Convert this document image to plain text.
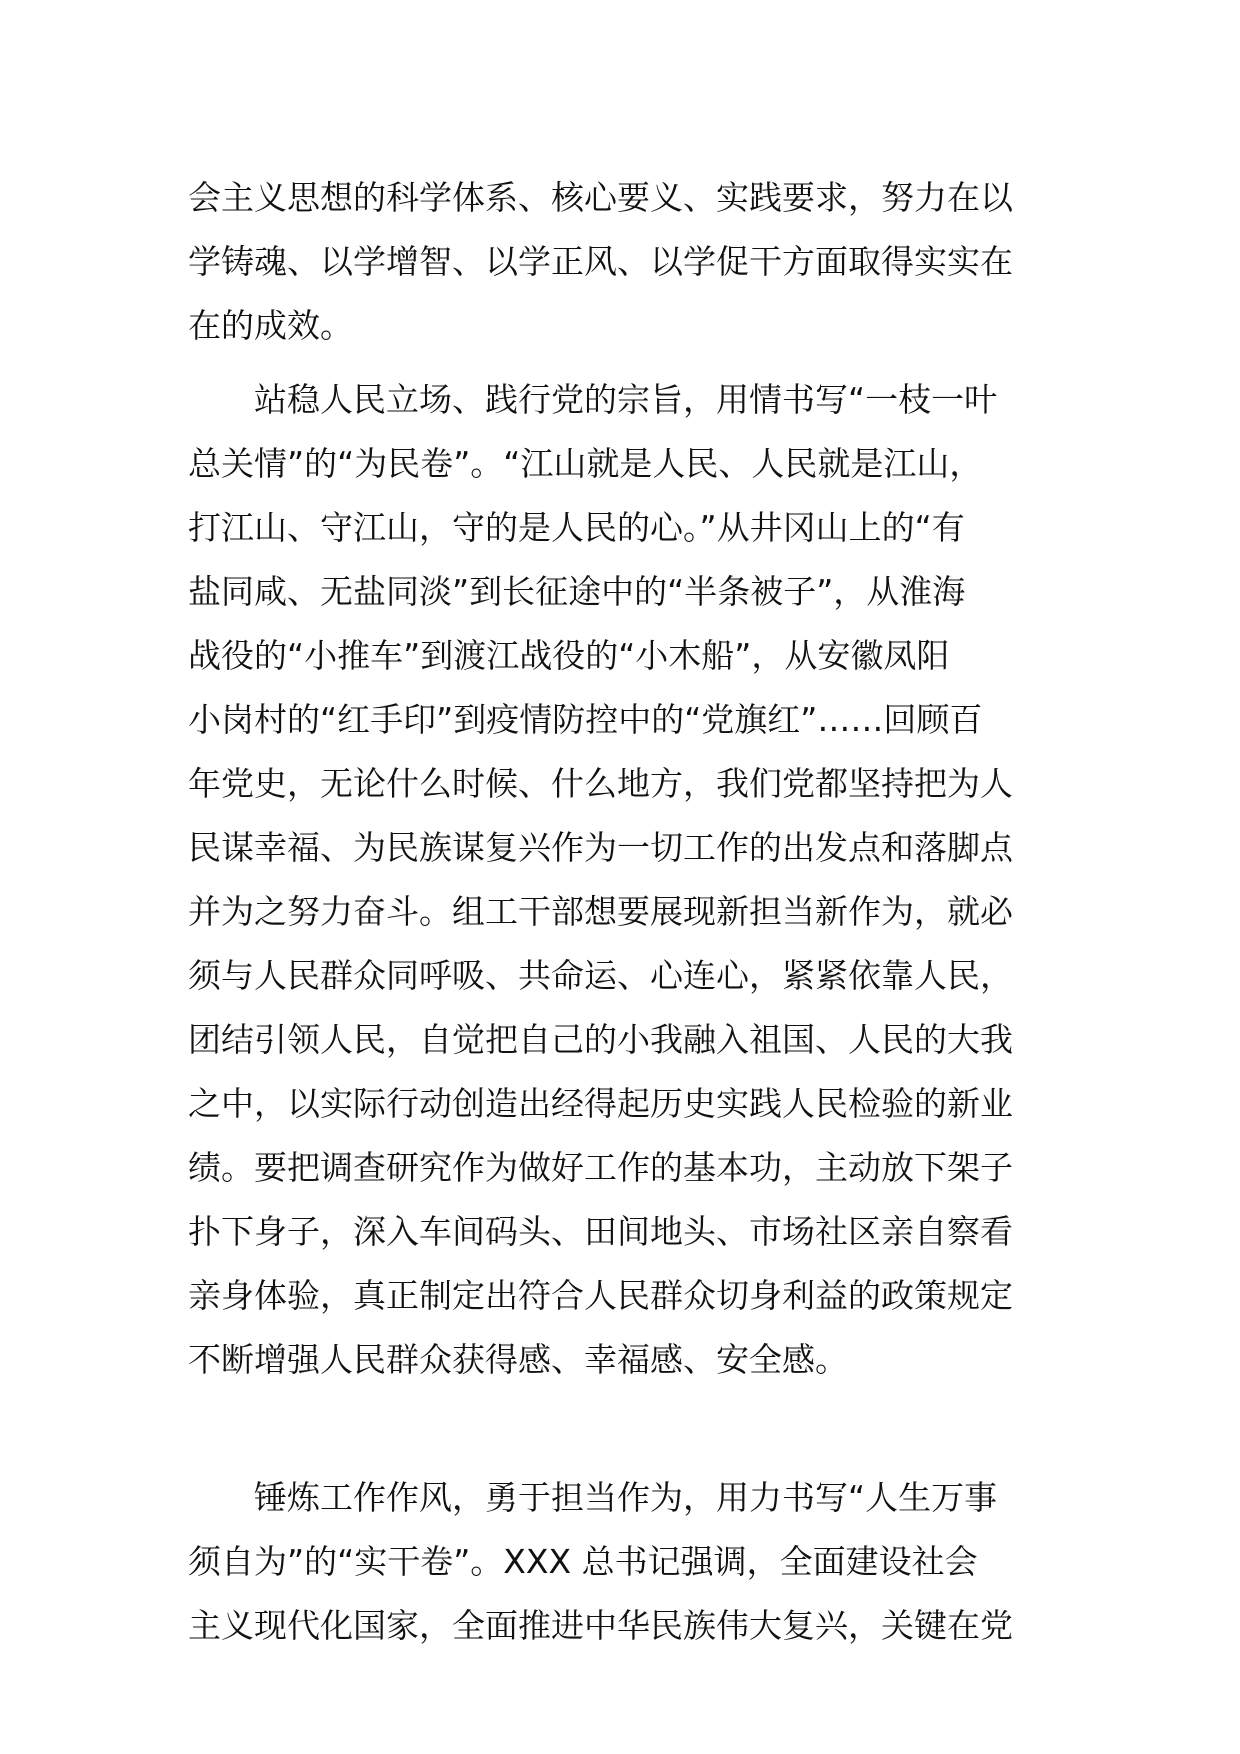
会主义思想的科学体系、核心要义、实践要求，努力在以
学铸魂、以学增智、以学正风、以学促干方面取得实实在
在的成效。
　　站稳人民立场、践行党的宗旨，用情书写“一枝一叶
总关情”的“为民卷”。“江山就是人民、人民就是江山，
打江山、守江山，守的是人民的心。”从井冈山上的“有
盐同咸、无盐同淡”到长征途中的“半条被子”，从淮海
战役的“小推车”到渡江战役的“小木船”，从安徽凤阳
小岗村的“红手印”到疫情防控中的“党旗红”……回顾百
年党史，无论什么时候、什么地方，我们党都坚持把为人
民谋幸福、为民族谋复兴作为一切工作的出发点和落脚点
并为之努力奋斗。组工干部想要展现新担当新作为，就必
须与人民群众同呼吸、共命运、心连心，紧紧依靠人民，
团结引领人民，自觉把自己的小我融入祖国、人民的大我
之中，以实际行动创造出经得起历史实践人民检验的新业
绩。要把调查研究作为做好工作的基本功，主动放下架子
扑下身子，深入车间码头、田间地头、市场社区亲自察看
亲身体验，真正制定出符合人民群众切身利益的政策规定
不断增强人民群众获得感、幸福感、安全感。
　　锤炼工作作风，勇于担当作为，用力书写“人生万事
须自为”的“实干卷”。XXX 总书记强调，全面建设社会
主义现代化国家，全面推进中华民族伟大复兴，关键在党
